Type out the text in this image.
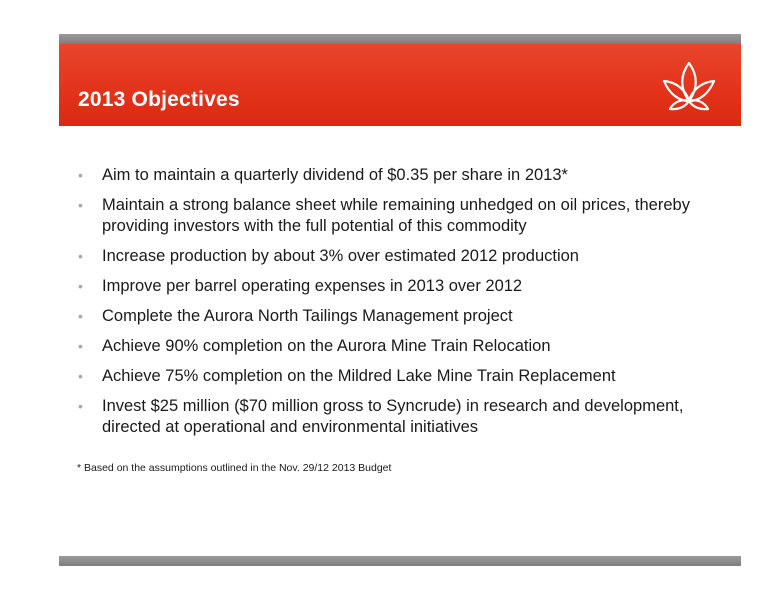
2013 Objectives
• Aim to maintain a quarterly dividend of $0.35 per share in 2013*
• Maintain a strong balance sheet while remaining unhedged on oil prices, thereby providing investors with the full potential of this commodity
• Increase production by about 3% over estimated 2012 production
• Improve per barrel operating expenses in 2013 over 2012
• Complete the Aurora North Tailings Management project
• Achieve 90% completion on the Aurora Mine Train Relocation
• Achieve 75% completion on the Mildred Lake Mine Train Replacement
• Invest $25 million ($70 million gross to Syncrude) in research and development, directed at operational and environmental initiatives

* Based on the assumptions outlined in the Nov. 29/12 2013 Budget
